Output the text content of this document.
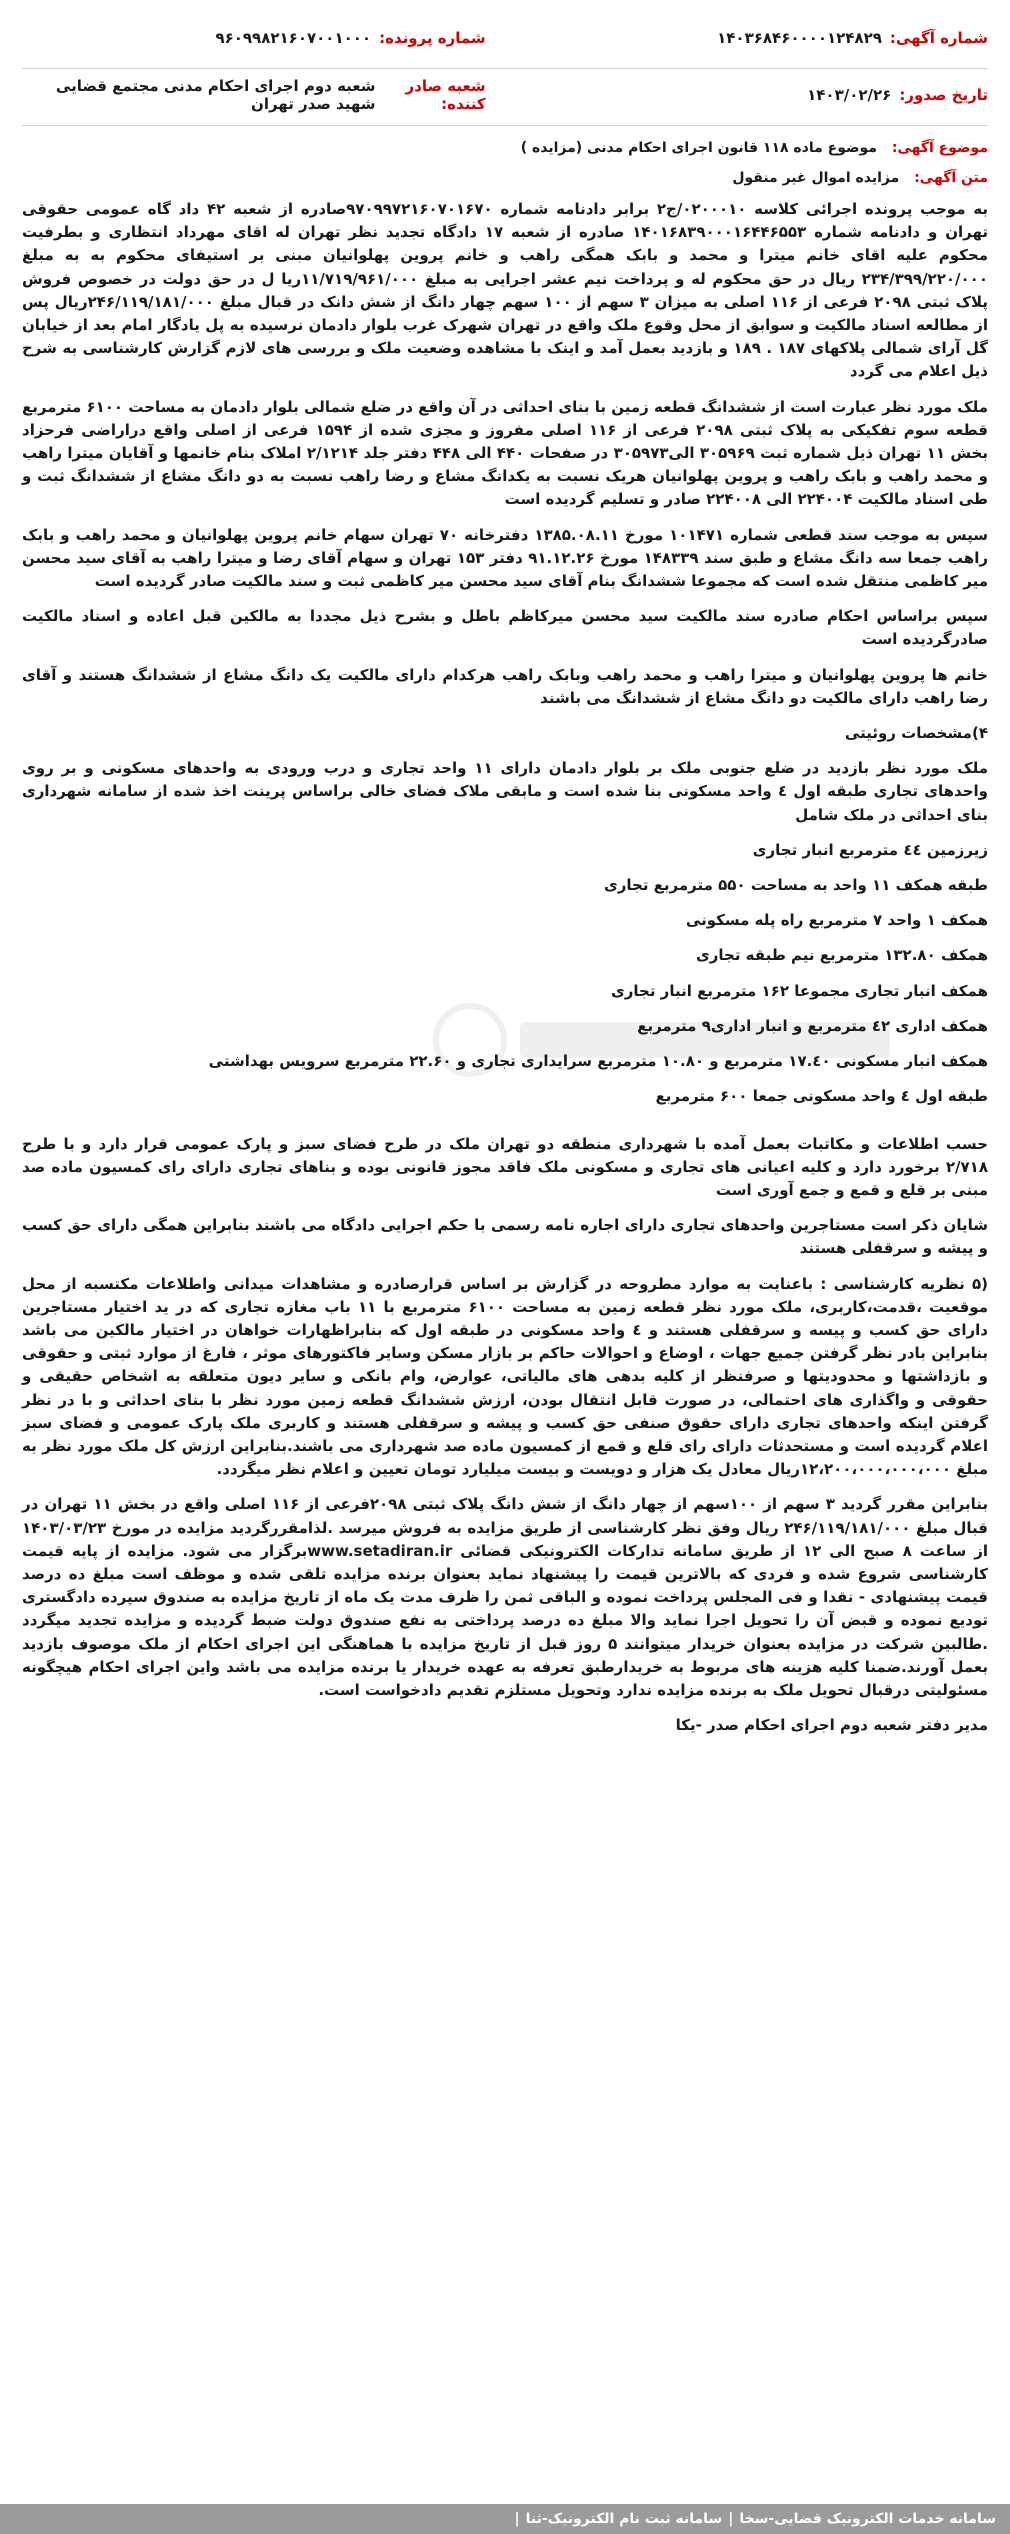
شماره آگهی:
۱۴۰۳۶۸۴۶۰۰۰۰۱۲۴۸۲۹
شماره پرونده:
۹۶۰۹۹۸۲۱۶۰۷۰۰۱۰۰۰
تاریخ صدور:
۱۴۰۳/۰۲/۲۶
شعبه صادر کننده:
شعبه دوم اجرای احکام مدنی مجتمع قضایی شهید صدر تهران
موضوع آگهی: موضوع ماده ۱۱۸ قانون اجرای احکام مدنی (مزایده )
متن آگهی: مزایده اموال غیر منقول

به موجب پرونده اجرائی کلاسه ۰۲۰۰۰۱۰/ج۲ برابر دادنامه شماره ۹۷۰۹۹۷۲۱۶۰۷۰۱۶۷۰صادره از شعبه ۴۲ داد گاه عمومی حقوقی تهران و دادنامه شماره ۱۴۰۱۶۸۳۹۰۰۰۱۶۴۴۶۵۵۳ صادره از شعبه ۱۷ دادگاه تجدید نظر تهران له اقای مهرداد انتظاری و بطرفیت محکوم علیه اقای خانم میترا و محمد و بابک همگی راهب و خانم پروین پهلوانیان مبنی بر استیفای محکوم به به مبلغ ۲۳۴/۳۹۹/۲۲۰/۰۰۰ ریال در حق محکوم له و پرداخت نیم عشر اجرایی به مبلغ ۱۱/۷۱۹/۹۶۱/۰۰۰ریا ل در حق دولت در خصوص فروش پلاک ثبتی ۲۰۹۸ فرعی از ۱۱۶ اصلی به میزان ۳ سهم از ۱۰۰ سهم چهار دانگ از شش دانک در قبال مبلغ ۲۴۶/۱۱۹/۱۸۱/۰۰۰ریال پس از مطالعه اسناد مالکیت و سوابق از محل وقوع ملک واقع در تهران شهرک غرب بلوار دادمان نرسیده به پل یادگار امام بعد از خیابان گل آرای شمالی پلاکهای ۱۸۷ . ۱۸۹ و بازدید بعمل آمد و اینک با مشاهده وضعیت ملک و بررسی های لازم گزارش کارشناسی به شرح ذیل اعلام می گردد

ملک مورد نظر عبارت است از ششدانگ قطعه زمین با بنای احداثی در آن واقع در ضلع شمالی بلوار دادمان به مساحت ۶۱۰۰ مترمربع قطعه سوم تفکیکی به پلاک ثبتی ۲۰۹۸ فرعی از ۱۱۶ اصلی مفروز و مجزی شده از ۱۵۹۴ فرعی از اصلی واقع دراراضی فرحزاد بخش ۱۱ تهران ذیل شماره ثبت ۳۰۵۹۶۹ الی۳۰۵۹۷۳ در صفحات ۴۴۰ الی ۴۴۸ دفتر جلد ۲/۱۲۱۴ املاک بنام خانمها و آقایان میترا راهب و محمد راهب و بابک راهب و پروین پهلوانیان هریک نسبت به یکدانگ مشاع و رضا راهب نسبت به دو دانگ مشاع از ششدانگ ثبت و طی اسناد مالکیت ۲۲۴۰۰۴ الی ۲۲۴۰۰۸ صادر و تسلیم گردیده است

سپس به موجب سند قطعی شماره ۱۰۱۴۷۱ مورخ ۱۳۸۵.۰۸.۱۱ دفترخانه ۷۰ تهران سهام خانم پروین پهلوانیان و محمد راهب و بابک راهب جمعا سه دانگ مشاع و طبق سند ۱۴۸۳۳۹ مورخ ۹۱.۱۲.۲۶ دفتر ۱۵۳ تهران و سهام آقای رضا و میترا راهب به آقای سید محسن میر کاظمی منتقل شده است که مجموعا ششدانگ بنام آقای سید محسن میر کاظمی ثبت و سند مالکیت صادر گردیده است

سپس براساس احکام صادره سند مالکیت سید محسن میرکاظم باطل و بشرح ذیل مجددا به مالکین قبل اعاده و اسناد مالکیت صادرگردیده است

خانم ها پروین پهلوانیان و میترا راهب و محمد راهب وبابک راهب هرکدام دارای مالکیت یک دانگ مشاع از ششدانگ هستند و آقای رضا راهب دارای مالکیت دو دانگ مشاع از ششدانگ می باشند

۴)مشخصات روئیتی

ملک مورد نظر بازدید در ضلع جنوبی ملک بر بلوار دادمان دارای ۱۱ واحد تجاری و درب ورودی به واحدهای مسکونی و بر روی واحدهای تجاری طبقه اول ٤ واحد مسکونی بنا شده است و مابقی ملاک فضای خالی براساس پرینت اخذ شده از سامانه شهرداری بنای احداثی در ملک شامل

زیرزمین ٤٤ مترمربع انبار تجاری

طبقه همکف ۱۱ واحد به مساحت ۵۵۰ مترمربع تجاری

همکف ۱ واحد ۷ مترمربع راه پله مسکونی

همکف ۱۳۲.۸۰ مترمربع نیم طبقه تجاری

همکف انبار تجاری مجموعا ۱۶۲ مترمربع انبار تجاری

همکف اداری ٤۲ مترمربع و انبار اداری۹ مترمربع

همکف انبار مسکونی ۱۷.٤۰ مترمربع و ۱۰.۸۰ مترمربع سرایداری تجاری و ۲۲.۶۰ مترمربع سرویس بهداشتی

طبقه اول ٤ واحد مسکونی جمعا ۶۰۰ مترمربع

حسب اطلاعات و مکاتبات بعمل آمده با شهرداری منطقه دو تهران ملک در طرح فضای سبز و پارک عمومی قرار دارد و با طرح ۲/۷۱۸ برخورد دارد و کلیه اعیانی های تجاری و مسکونی ملک فاقد مجوز قانونی بوده و بناهای تجاری دارای رای کمسیون ماده صد مبنی بر قلع و قمع و جمع آوری است

شایان ذکر است مستاجرین واحدهای تجاری دارای اجاره نامه رسمی با حکم اجرایی دادگاه می باشند بنابراین همگی دارای حق کسب و پیشه و سرقفلی هستند

(۵ نظریه کارشناسی : باعنایت به موارد مطروحه در گزارش بر اساس قرارصادره و مشاهدات میدانی واطلاعات مکتسبه از محل موقعیت ،قدمت،کاربری، ملک مورد نظر قطعه زمین به مساحت ۶۱۰۰ مترمربع با ۱۱ باب مغازه تجاری که در ید اختیار مستاجرین دارای حق کسب و پیسه و سرقفلی هستند و ٤ واحد مسکونی در طبقه اول که بنابراظهارات خواهان در اختیار مالکین می باشد بنابراین بادر نظر گرفتن جمیع جهات ، اوضاع و احوالات حاکم بر بازار مسکن وسایر فاکتورهای موثر ، فارغ از موارد ثبتی و حقوقی و بازداشتها و محدودیتها و صرفنظر از کلیه بدهی های مالیاتی، عوارض، وام بانکی و سایر دیون متعلقه به اشخاص حقیقی و حقوقی و واگذاری های احتمالی، در صورت قابل انتقال بودن، ارزش ششدانگ قطعه زمین مورد نظر با بنای احداثی و با در نظر گرفتن اینکه واحدهای تجاری دارای حقوق صنفی حق کسب و پیشه و سرقفلی هستند و کاربری ملک پارک عمومی و فضای سبز اعلام گردیده است و مستحدثات دارای رای قلع و قمع از کمسیون ماده صد شهرداری می باشند.بنابراین ارزش کل ملک مورد نظر به مبلغ ۱۲،۲۰۰،۰۰۰،۰۰۰،۰۰۰ریال معادل یک هزار و دویست و بیست میلیارد تومان تعیین و اعلام نظر میگردد.

بنابراین مقرر گردید ۳ سهم از ۱۰۰سهم از چهار دانگ از شش دانگ پلاک ثبتی ۲۰۹۸فرعی از ۱۱۶ اصلی واقع در بخش ۱۱ تهران در قبال مبلغ ۲۴۶/۱۱۹/۱۸۱/۰۰۰ ریال وفق نظر کارشناسی از طریق مزایده به فروش میرسد .لذامقررگردید مزایده در مورخ ۱۴۰۳/۰۳/۲۳ از ساعت ۸ صبح الی ۱۲ از طریق سامانه تدارکات الکترونیکی قضائی www.setadiran.irبرگزار می شود. مزایده از پایه قیمت کارشناسی شروع شده و فردی که بالاترین قیمت را پیشنهاد نماید بعنوان برنده مزایده تلقی شده و موظف است مبلغ ده درصد قیمت پیشنهادی - نقدا و فی المجلس پرداخت نموده و الباقی ثمن را ظرف مدت یک ماه از تاریخ مزایده به صندوق سپرده دادگستری تودیع نموده و قبض آن را تحویل اجرا نماید والا مبلغ ده درصد پرداختی به نفع صندوق دولت ضبط گردیده و مزایده تجدید میگردد .طالبین شرکت در مزایده بعنوان خریدار میتوانند ۵ روز قبل از تاریخ مزایده با هماهنگی این اجرای احکام از ملک موصوف بازدید بعمل آورند.ضمنا کلیه هزینه های مربوط به خریدارطبق تعرفه به عهده خریدار یا برنده مزایده می باشد واین اجرای احکام هیچگونه مسئولیتی درقبال تحویل ملک به برنده مزایده ندارد وتحویل مستلزم تقدیم دادخواست است.

مدیر دفتر شعبه دوم اجرای احکام صدر -یکا

سامانه خدمات الکترونیک قضایی-سخا
|
سامانه ثبت نام الکترونیک-ثنا
|
